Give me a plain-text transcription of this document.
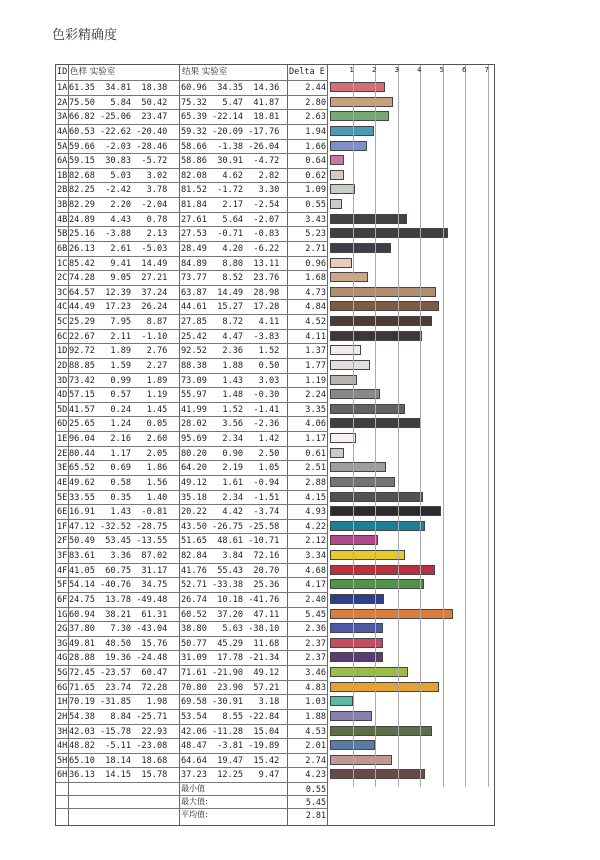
色彩精确度
ID 色样 实验室	结果 实验室	Delta E
1A 61.35  34.81  18.38 60.96  34.35  14.36	2.44
2A 75.50   5.84  50.42 75.32   5.47  41.87	2.80
3A 66.82 -25.06  23.47 65.39 -22.14  18.81	2.63
4A 60.53 -22.62 -20.40 59.32 -20.09 -17.76	1.94
5A 59.66  -2.03 -28.46 58.66  -1.38 -26.04	1.66
6A 59.15  30.83  -5.72 58.86  30.91  -4.72	0.64
1B 82.68   5.03   3.02 82.08   4.62   2.82	0.62
2B 82.25  -2.42   3.78 81.52  -1.72   3.30	1.09
3B 82.29   2.20  -2.04 81.84   2.17  -2.54	0.55
4B 24.89   4.43   0.78 27.61   5.64  -2.07	3.43
5B 25.16  -3.88   2.13 27.53  -0.71  -0.83	5.23
6B 26.13   2.61  -5.03 28.49   4.20  -6.22	2.71
1C 85.42   9.41  14.49 84.89   8.80  13.11	0.96
2C 74.28   9.05  27.21 73.77   8.52  23.76	1.68
3C 64.57  12.39  37.24 63.87  14.49  28.98	4.73
4C 44.49  17.23  26.24 44.61  15.27  17.28	4.84
5C 25.29   7.95   8.87 27.85   8.72   4.11	4.52
6C 22.67   2.11  -1.10 25.42   4.47  -3.83	4.11
1D 92.72   1.89   2.76 92.52   2.36   1.52	1.37
2D 88.85   1.59   2.27 88.38   1.88   0.50	1.77
3D 73.42   0.99   1.89 73.09   1.43   3.03	1.19
4D 57.15   0.57   1.19 55.97   1.48  -0.30	2.24
5D 41.57   0.24   1.45 41.99   1.52  -1.41	3.35
6D 25.65   1.24   0.05 28.02   3.56  -2.36	4.06
1E 96.04   2.16   2.60 95.69   2.34   1.42	1.17
2E 80.44   1.17   2.05 80.20   0.90   2.50	0.61
3E 65.52   0.69   1.86 64.20   2.19   1.05	2.51
4E 49.62   0.58   1.56 49.12   1.61  -0.94	2.88
5E 33.55   0.35   1.40 35.18   2.34  -1.51	4.15
6E 16.91   1.43  -0.81 20.22   4.42  -3.74	4.93
1F 47.12 -32.52 -28.75 43.50 -26.75 -25.58	4.22
2F 50.49  53.45 -13.55 51.65  48.61 -10.71	2.12
3F 83.61   3.36  87.02 82.84   3.84  72.16	3.34
4F 41.05  60.75  31.17 41.76  55.43  20.70	4.68
5F 54.14 -40.76  34.75 52.71 -33.38  25.36	4.17
6F 24.75  13.78 -49.48 26.74  10.18 -41.76	2.40
1G 60.94  38.21  61.31 60.52  37.20  47.11	5.45
2G 37.80   7.30 -43.04 38.80   5.63 -38.10	2.36
3G 49.81  48.50  15.76 50.77  45.29  11.68	2.37
4G 28.88  19.36 -24.48 31.09  17.78 -21.34	2.37
5G 72.45 -23.57  60.47 71.61 -21.90  49.12	3.46
6G 71.65  23.74  72.28 70.80  23.90  57.21	4.83
1H 70.19 -31.85   1.98 69.58 -30.91   3.18	1.03
2H 54.38   8.84 -25.71 53.54   8.55 -22.84	1.88
3H 42.03 -15.78  22.93 42.06 -11.28  15.04	4.53
4H 48.82  -5.11 -23.08 48.47  -3.81 -19.89	2.01
5H 65.10  18.14  18.68 64.64  19.47  15.42	2.74
6H 36.13  14.15  15.78 37.23  12.25   9.47	4.23
最小值	0.55
最大值:	5.45
平均值:	2.81
1	2	3	4	5	6	7
